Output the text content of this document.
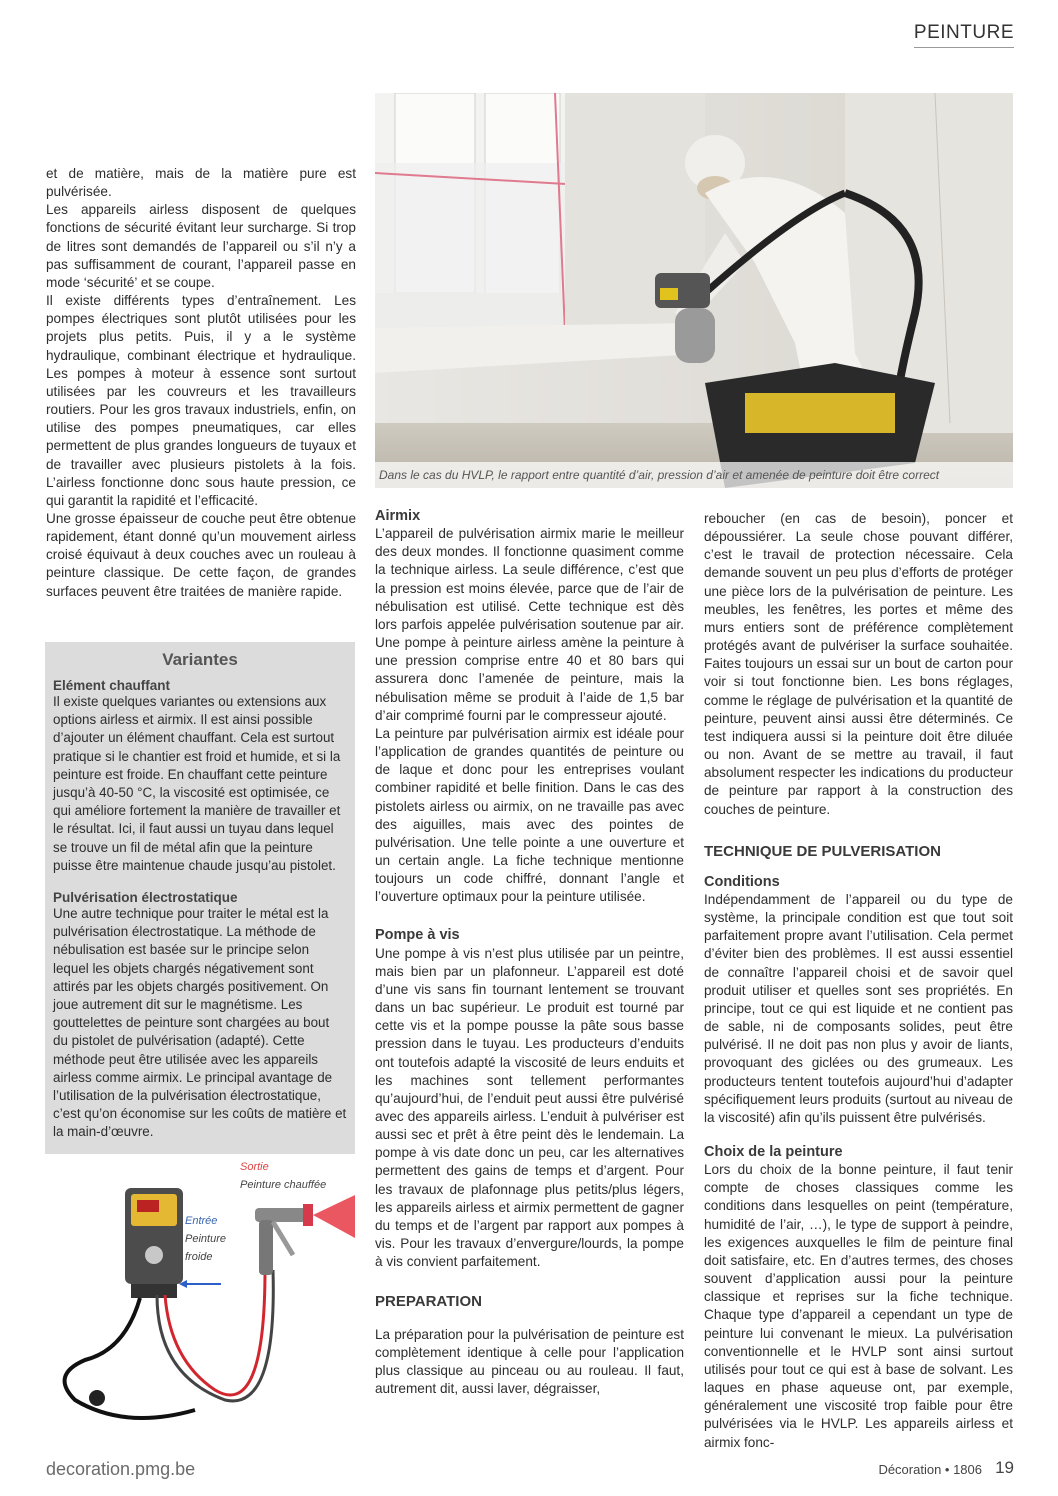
PEINTURE
Dans le cas du HVLP, le rapport entre quantité d’air, pression d’air et amenée de peinture doit être correct

et de matière, mais de la matière pure est pulvérisée.

Les appareils airless disposent de quelques fonctions de sécurité évitant leur surcharge. Si trop de litres sont demandés de l’appareil ou s’il n’y a pas suffisamment de courant, l’appareil passe en mode ‘sécurité’ et se coupe.

Il existe différents types d’entraînement. Les pompes électriques sont plutôt utilisées pour les projets plus petits. Puis, il y a le système hydraulique, combinant électrique et hydraulique. Les pompes à moteur à essence sont surtout utilisées par les couvreurs et les travailleurs routiers. Pour les gros travaux industriels, enfin, on utilise des pompes pneumatiques, car elles permettent de plus grandes longueurs de tuyaux et de travailler avec plusieurs pistolets à la fois. L’airless fonctionne donc sous haute pression, ce qui garantit la rapidité et l’efficacité.

Une grosse épaisseur de couche peut être obtenue rapidement, étant donné qu’un mouvement airless croisé équivaut à deux couches avec un rouleau à peinture classique. De cette façon, de grandes surfaces peuvent être traitées de manière rapide.

Variantes
Elément chauffant

Il existe quelques variantes ou extensions aux options airless et airmix. Il est ainsi possible d’ajouter un élément chauffant. Cela est surtout pratique si le chantier est froid et humide, et si la peinture est froide. En chauffant cette peinture jusqu’à 40-50 °C, la viscosité est optimisée, ce qui améliore fortement la manière de travailler et le résultat. Ici, il faut aussi un tuyau dans lequel se trouve un fil de métal afin que la peinture puisse être maintenue chaude jusqu’au pistolet.

Pulvérisation électrostatique

Une autre technique pour traiter le métal est la pulvérisation électrostatique. La méthode de nébulisation est basée sur le principe selon lequel les objets chargés négativement sont attirés par les objets chargés positivement. On joue autrement dit sur le magnétisme. Les gouttelettes de peinture sont chargées au bout du pistolet de pulvérisation (adapté). Cette méthode peut être utilisée avec les appareils airless comme airmix. Le principal avantage de l’utilisation de la pulvérisation électrostatique, c’est qu’on économise sur les coûts de matière et la main-d’œuvre.

Sortie
Peinture chauffée
Entrée
Peinture
froide
Airmix

L’appareil de pulvérisation airmix marie le meilleur des deux mondes. Il fonctionne quasiment comme la technique airless. La seule différence, c’est que la pression est moins élevée, parce que de l’air de nébulisation est utilisé. Cette technique est dès lors parfois appelée pulvérisation soutenue par air. Une pompe à peinture airless amène la peinture à une pression comprise entre 40 et 80 bars qui assurera donc l’amenée de peinture, mais la nébulisation même se produit à l’aide de 1,5 bar d’air comprimé fourni par le compresseur ajouté.

La peinture par pulvérisation airmix est idéale pour l’application de grandes quantités de peinture ou de laque et donc pour les entreprises voulant combiner rapidité et belle finition. Dans le cas des pistolets airless ou airmix, on ne travaille pas avec des aiguilles, mais avec des pointes de pulvérisation. Une telle pointe a une ouverture et un certain angle. La fiche technique mentionne toujours un code chiffré, donnant l’angle et l’ouverture optimaux pour la peinture utilisée.

Pompe à vis

Une pompe à vis n’est plus utilisée par un peintre, mais bien par un plafonneur. L’appareil est doté d’une vis sans fin tournant lentement se trouvant dans un bac supérieur. Le produit est tourné par cette vis et la pompe pousse la pâte sous basse pression dans le tuyau. Les producteurs d’enduits ont toutefois adapté la viscosité de leurs enduits et les machines sont tellement performantes qu’aujourd’hui, de l’enduit peut aussi être pulvérisé avec des appareils airless. L’enduit à pulvériser est aussi sec et prêt à être peint dès le lendemain. La pompe à vis date donc un peu, car les alternatives permettent des gains de temps et d’argent. Pour les travaux de plafonnage plus petits/plus légers, les appareils airless et airmix permettent de gagner du temps et de l’argent par rapport aux pompes à vis. Pour les travaux d’envergure/lourds, la pompe à vis convient parfaitement.

PREPARATION

La préparation pour la pulvérisation de peinture est complètement identique à celle pour l’application plus classique au pinceau ou au rouleau. Il faut, autrement dit, aussi laver, dégraisser,

reboucher (en cas de besoin), poncer et dépoussiérer. La seule chose pouvant différer, c’est le travail de protection nécessaire. Cela demande souvent un peu plus d’efforts de protéger une pièce lors de la pulvérisation de peinture. Les meubles, les fenêtres, les portes et même des murs entiers sont de préférence complètement protégés avant de pulvériser la surface souhaitée. Faites toujours un essai sur un bout de carton pour voir si tout fonctionne bien. Les bons réglages, comme le réglage de pulvérisation et la quantité de peinture, peuvent ainsi aussi être déterminés. Ce test indiquera aussi si la peinture doit être diluée ou non. Avant de se mettre au travail, il faut absolument respecter les indications du producteur de peinture par rapport à la construction des couches de peinture.

TECHNIQUE DE PULVERISATION
Conditions

Indépendamment de l’appareil ou du type de système, la principale condition est que tout soit parfaitement propre avant l’utilisation. Cela permet d’éviter bien des problèmes. Il est aussi essentiel de connaître l’appareil choisi et de savoir quel produit utiliser et quelles sont ses propriétés. En principe, tout ce qui est liquide et ne contient pas de sable, ni de composants solides, peut être pulvérisé. Il ne doit pas non plus y avoir de liants, provoquant des giclées ou des grumeaux. Les producteurs tentent toutefois aujourd’hui d’adapter spécifiquement leurs produits (surtout au niveau de la viscosité) afin qu’ils puissent être pulvérisés.

Choix de la peinture

Lors du choix de la bonne peinture, il faut tenir compte de choses classiques comme les conditions dans lesquelles on peint (température, humidité de l’air, …), le type de support à peindre, les exigences auxquelles le film de peinture final doit satisfaire, etc. En d’autres termes, des choses souvent d’application aussi pour la peinture classique et reprises sur la fiche technique. Chaque type d’appareil a cependant un type de peinture lui convenant le mieux. La pulvérisation conventionnelle et le HVLP sont ainsi surtout utilisés pour tout ce qui est à base de solvant. Les laques en phase aqueuse ont, par exemple, généralement une viscosité trop faible pour être pulvérisées via le HVLP. Les appareils airless et airmix fonc-

decoration.pmg.be	Décoration • 1806 19
